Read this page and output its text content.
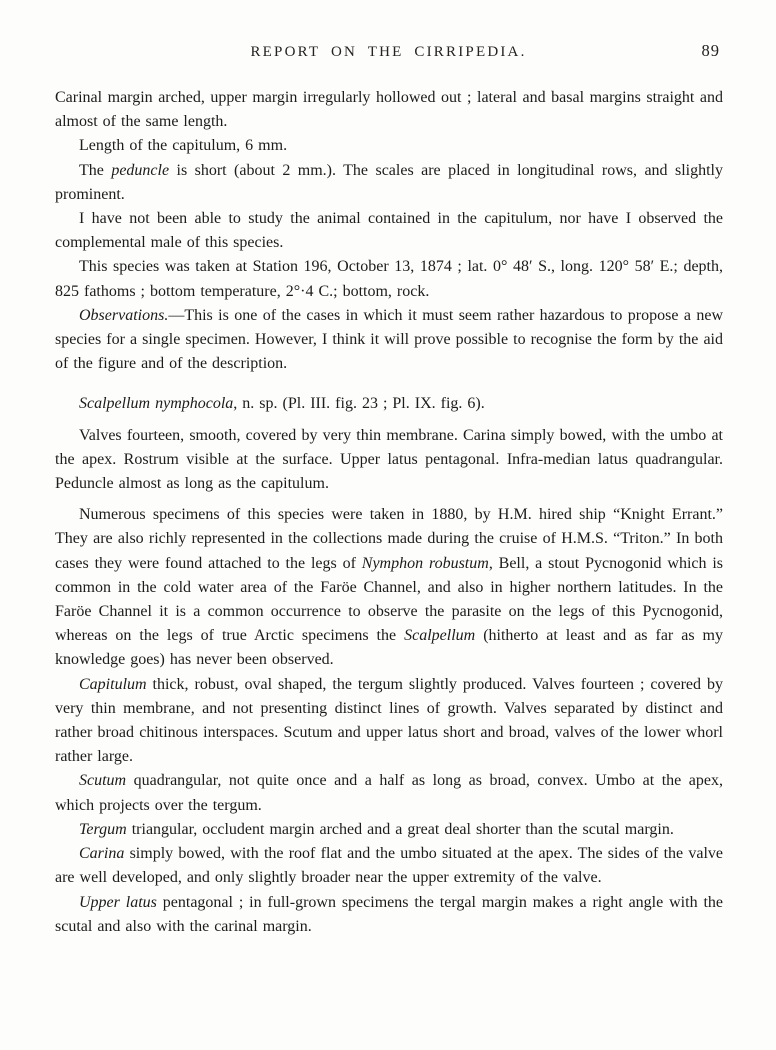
REPORT ON THE CIRRIPEDIA.	89

Carinal margin arched, upper margin irregularly hollowed out ; lateral and basal margins straight and almost of the same length.

Length of the capitulum, 6 mm.

The peduncle is short (about 2 mm.). The scales are placed in longitudinal rows, and slightly prominent.

I have not been able to study the animal contained in the capitulum, nor have I observed the complemental male of this species.

This species was taken at Station 196, October 13, 1874 ; lat. 0° 48′ S., long. 120° 58′ E.; depth, 825 fathoms ; bottom temperature, 2°·4 C.; bottom, rock.

Observations.—This is one of the cases in which it must seem rather hazardous to propose a new species for a single specimen. However, I think it will prove possible to recognise the form by the aid of the figure and of the description.

Scalpellum nymphocola, n. sp. (Pl. III. fig. 23 ; Pl. IX. fig. 6).

Valves fourteen, smooth, covered by very thin membrane. Carina simply bowed, with the umbo at the apex. Rostrum visible at the surface. Upper latus pentagonal. Infra-median latus quadrangular. Peduncle almost as long as the capitulum.

Numerous specimens of this species were taken in 1880, by H.M. hired ship “Knight Errant.” They are also richly represented in the collections made during the cruise of H.M.S. “Triton.” In both cases they were found attached to the legs of Nymphon robustum, Bell, a stout Pycnogonid which is common in the cold water area of the Faröe Channel, and also in higher northern latitudes. In the Faröe Channel it is a common occurrence to observe the parasite on the legs of this Pycnogonid, whereas on the legs of true Arctic specimens the Scalpellum (hitherto at least and as far as my knowledge goes) has never been observed.

Capitulum thick, robust, oval shaped, the tergum slightly produced. Valves fourteen ; covered by very thin membrane, and not presenting distinct lines of growth. Valves separated by distinct and rather broad chitinous interspaces. Scutum and upper latus short and broad, valves of the lower whorl rather large.

Scutum quadrangular, not quite once and a half as long as broad, convex. Umbo at the apex, which projects over the tergum.

Tergum triangular, occludent margin arched and a great deal shorter than the scutal margin.

Carina simply bowed, with the roof flat and the umbo situated at the apex. The sides of the valve are well developed, and only slightly broader near the upper extremity of the valve.

Upper latus pentagonal ; in full-grown specimens the tergal margin makes a right angle with the scutal and also with the carinal margin.
